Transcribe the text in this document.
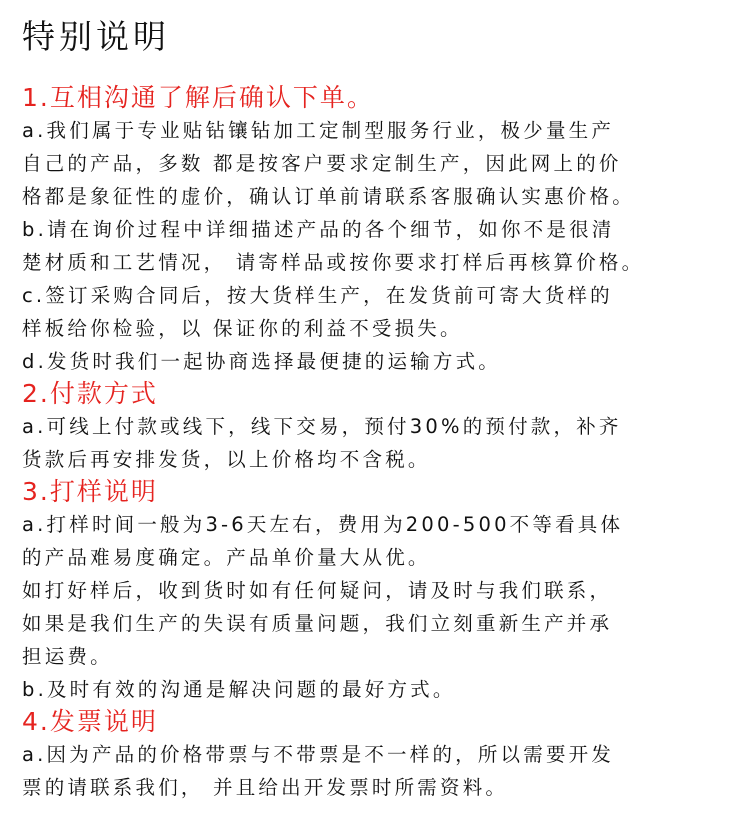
特别说明
1.互相沟通了解后确认下单。

a.我们属于专业贴钻镶钻加工定制型服务行业，极少量生产

自己的产品，多数 都是按客户要求定制生产，因此网上的价

格都是象征性的虚价，确认订单前请联系客服确认实惠价格。

b.请在询价过程中详细描述产品的各个细节，如你不是很清

楚材质和工艺情况， 请寄样品或按你要求打样后再核算价格。

c.签订采购合同后，按大货样生产，在发货前可寄大货样的

样板给你检验，以 保证你的利益不受损失。

d.发货时我们一起协商选择最便捷的运输方式。

2.付款方式

a.可线上付款或线下，线下交易，预付30%的预付款，补齐

货款后再安排发货，以上价格均不含税。

3.打样说明

a.打样时间一般为3-6天左右，费用为200-500不等看具体

的产品难易度确定。产品单价量大从优。

如打好样后，收到货时如有任何疑问，请及时与我们联系，

如果是我们生产的失误有质量问题，我们立刻重新生产并承

担运费。

b.及时有效的沟通是解决问题的最好方式。

4.发票说明

a.因为产品的价格带票与不带票是不一样的，所以需要开发

票的请联系我们， 并且给出开发票时所需资料。
